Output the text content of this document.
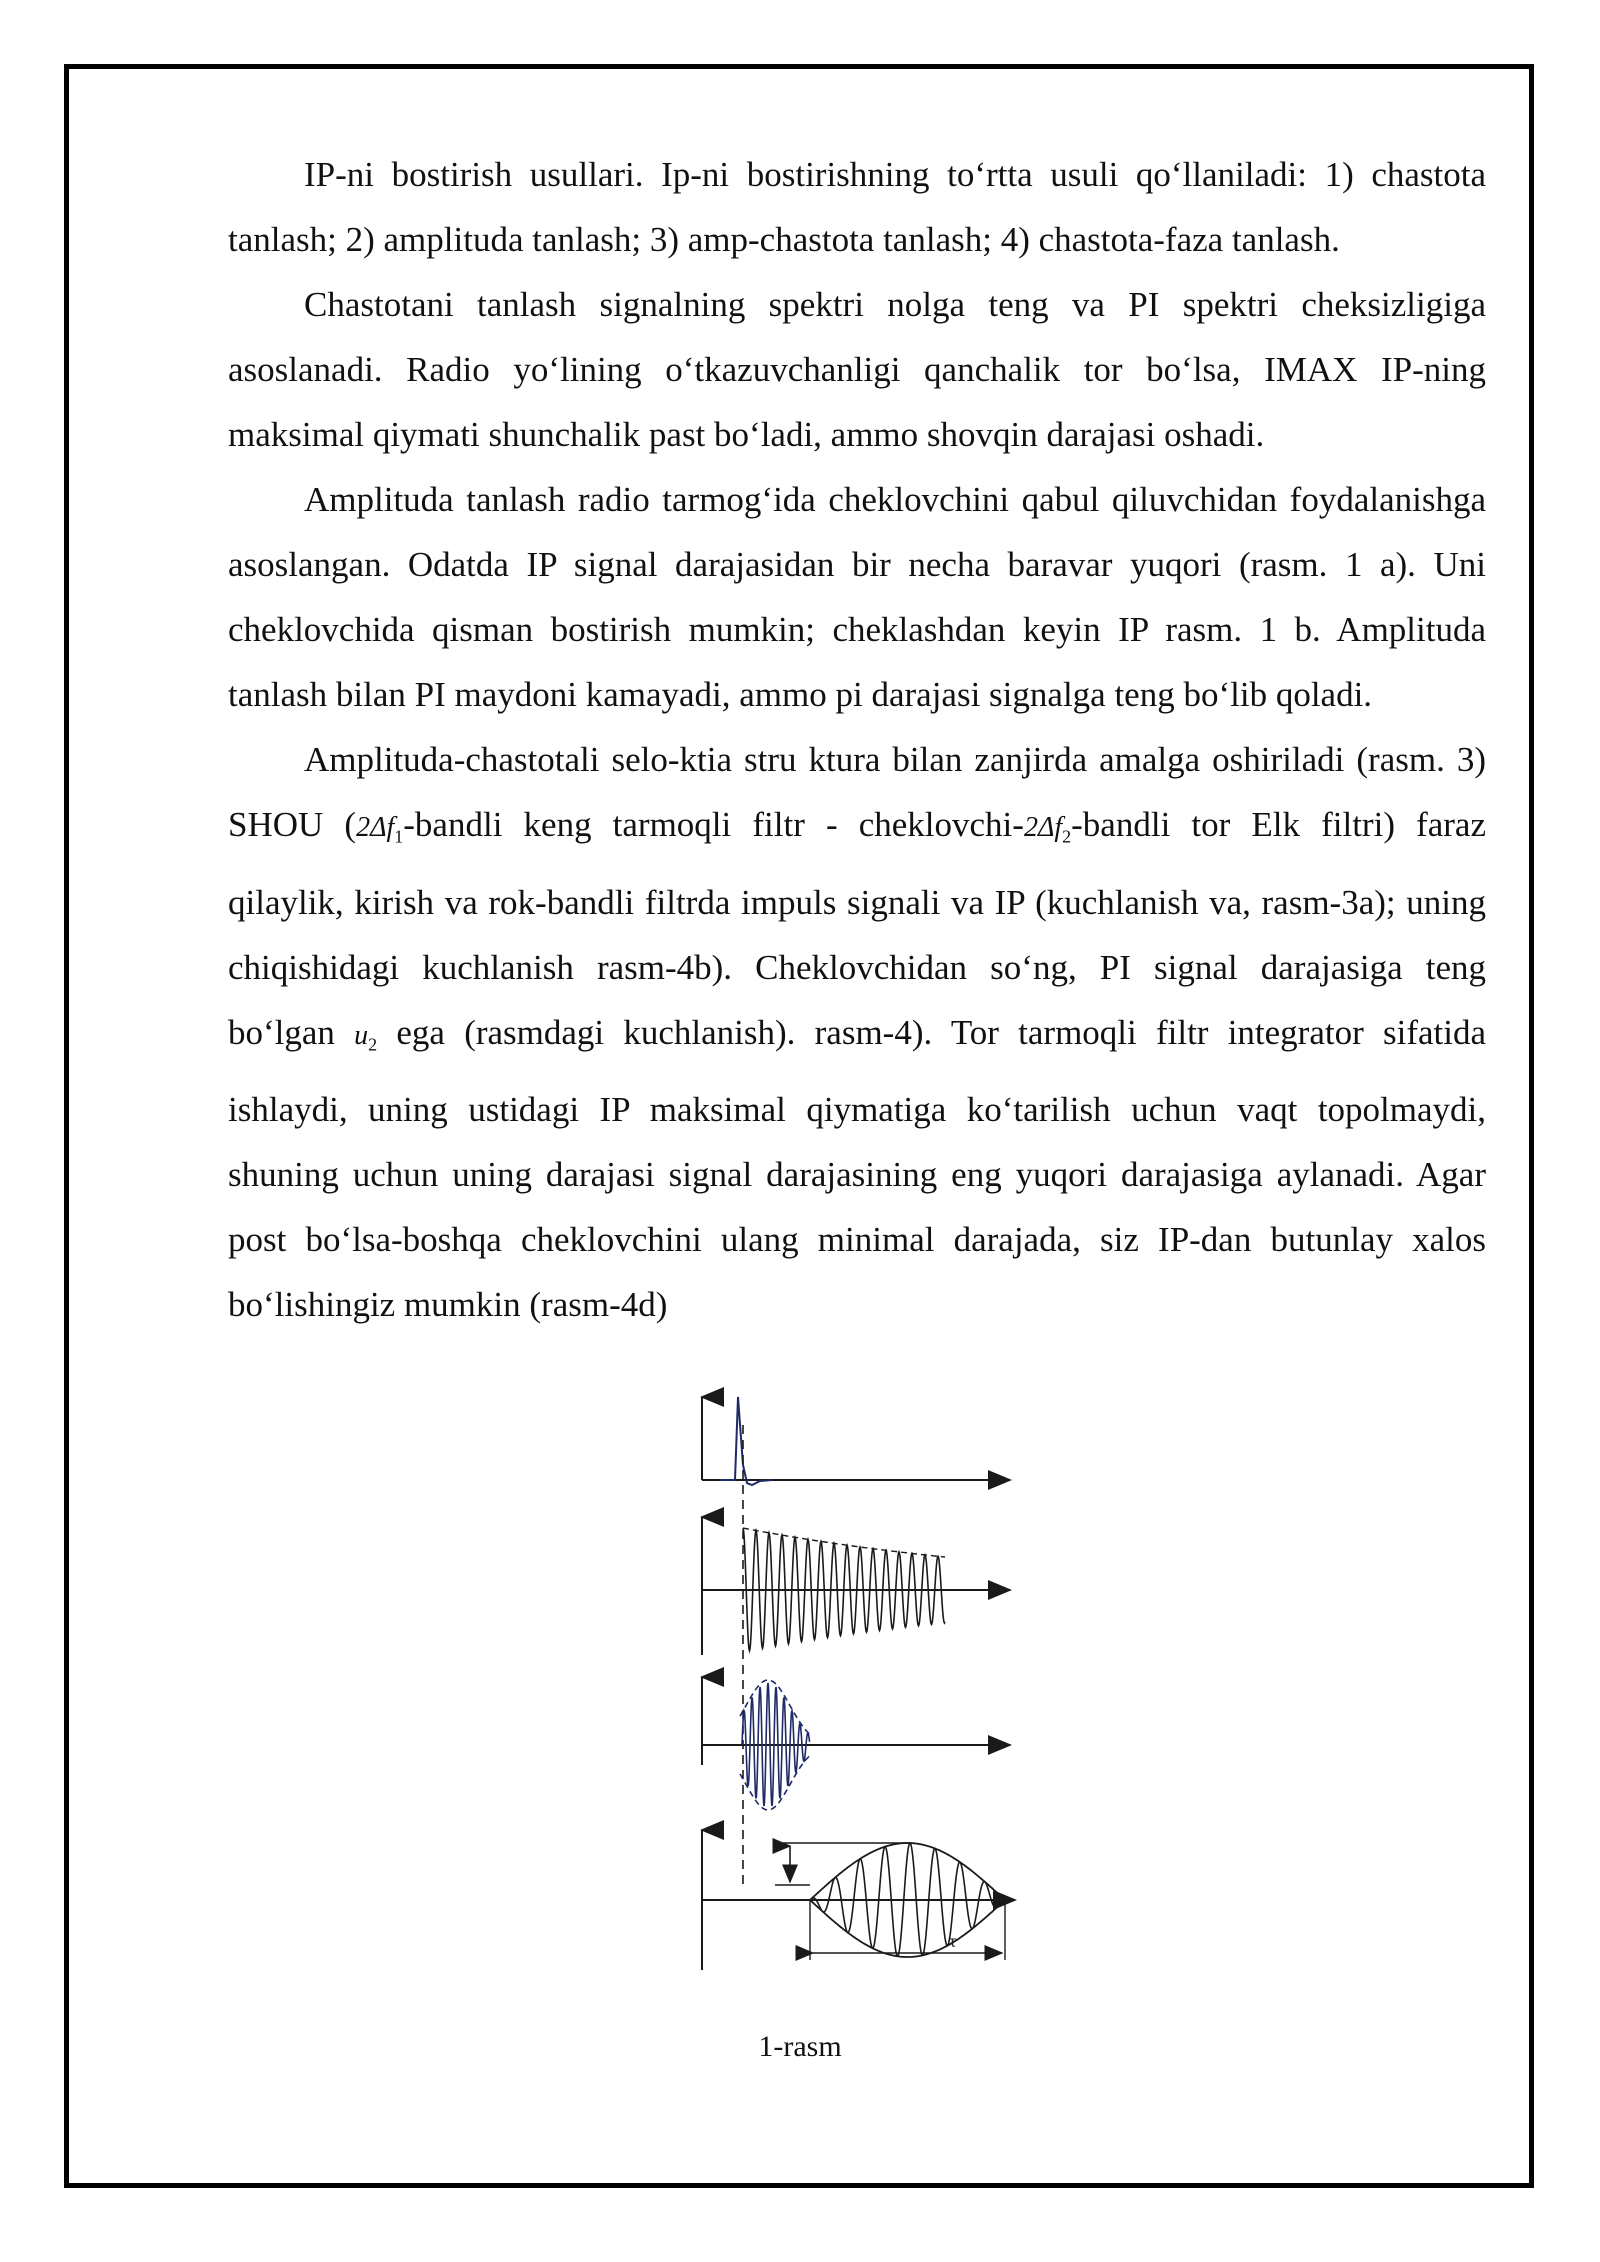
IP-ni bostirish usullari. Ip-ni bostirishning to‘rtta usuli qo‘llaniladi: 1) chastota tanlash; 2) amplituda tanlash; 3) amp-chastota tanlash; 4) chastota-faza tanlash.

Chastotani tanlash signalning spektri nolga teng va PI spektri cheksizligiga asoslanadi. Radio yo‘lining o‘tkazuvchanligi qanchalik tor bo‘lsa, IMAX IP-ning maksimal qiymati shunchalik past bo‘ladi, ammo shovqin darajasi oshadi.

Amplituda tanlash radio tarmog‘ida cheklovchini qabul qiluvchidan foydalanishga asoslangan. Odatda IP signal darajasidan bir necha baravar yuqori (rasm. 1 a). Uni cheklovchida qisman bostirish mumkin; cheklashdan keyin IP rasm. 1 b. Amplituda tanlash bilan PI maydoni kamayadi, ammo pi darajasi signalga teng bo‘lib qoladi.

Amplituda-chastotali selo-ktia stru ktura bilan zanjirda amalga oshiriladi (rasm. 3) SHOU ($2\Delta f_1$-bandli keng tarmoqli filtr - cheklovchi-$2\Delta f_2$-bandli tor Elk filtri) faraz qilaylik, kirish va rok-bandli filtrda impuls signali va IP (kuchlanish va, rasm-3a); uning chiqishidagi kuchlanish rasm-4b). Cheklovchidan so‘ng, PI signal darajasiga teng bo‘lgan $u_2$ ega (rasmdagi kuchlanish). rasm-4). Tor tarmoqli filtr integrator sifatida ishlaydi, uning ustidagi IP maksimal qiymatiga ko‘tarilish uchun vaqt topolmaydi, shuning uchun uning darajasi signal darajasining eng yuqori darajasiga aylanadi. Agar post bo‘lsa-boshqa cheklovchini ulang minimal darajada, siz IP-dan butunlay xalos bo‘lishingiz mumkin (rasm-4d)

τ
1-rasm
